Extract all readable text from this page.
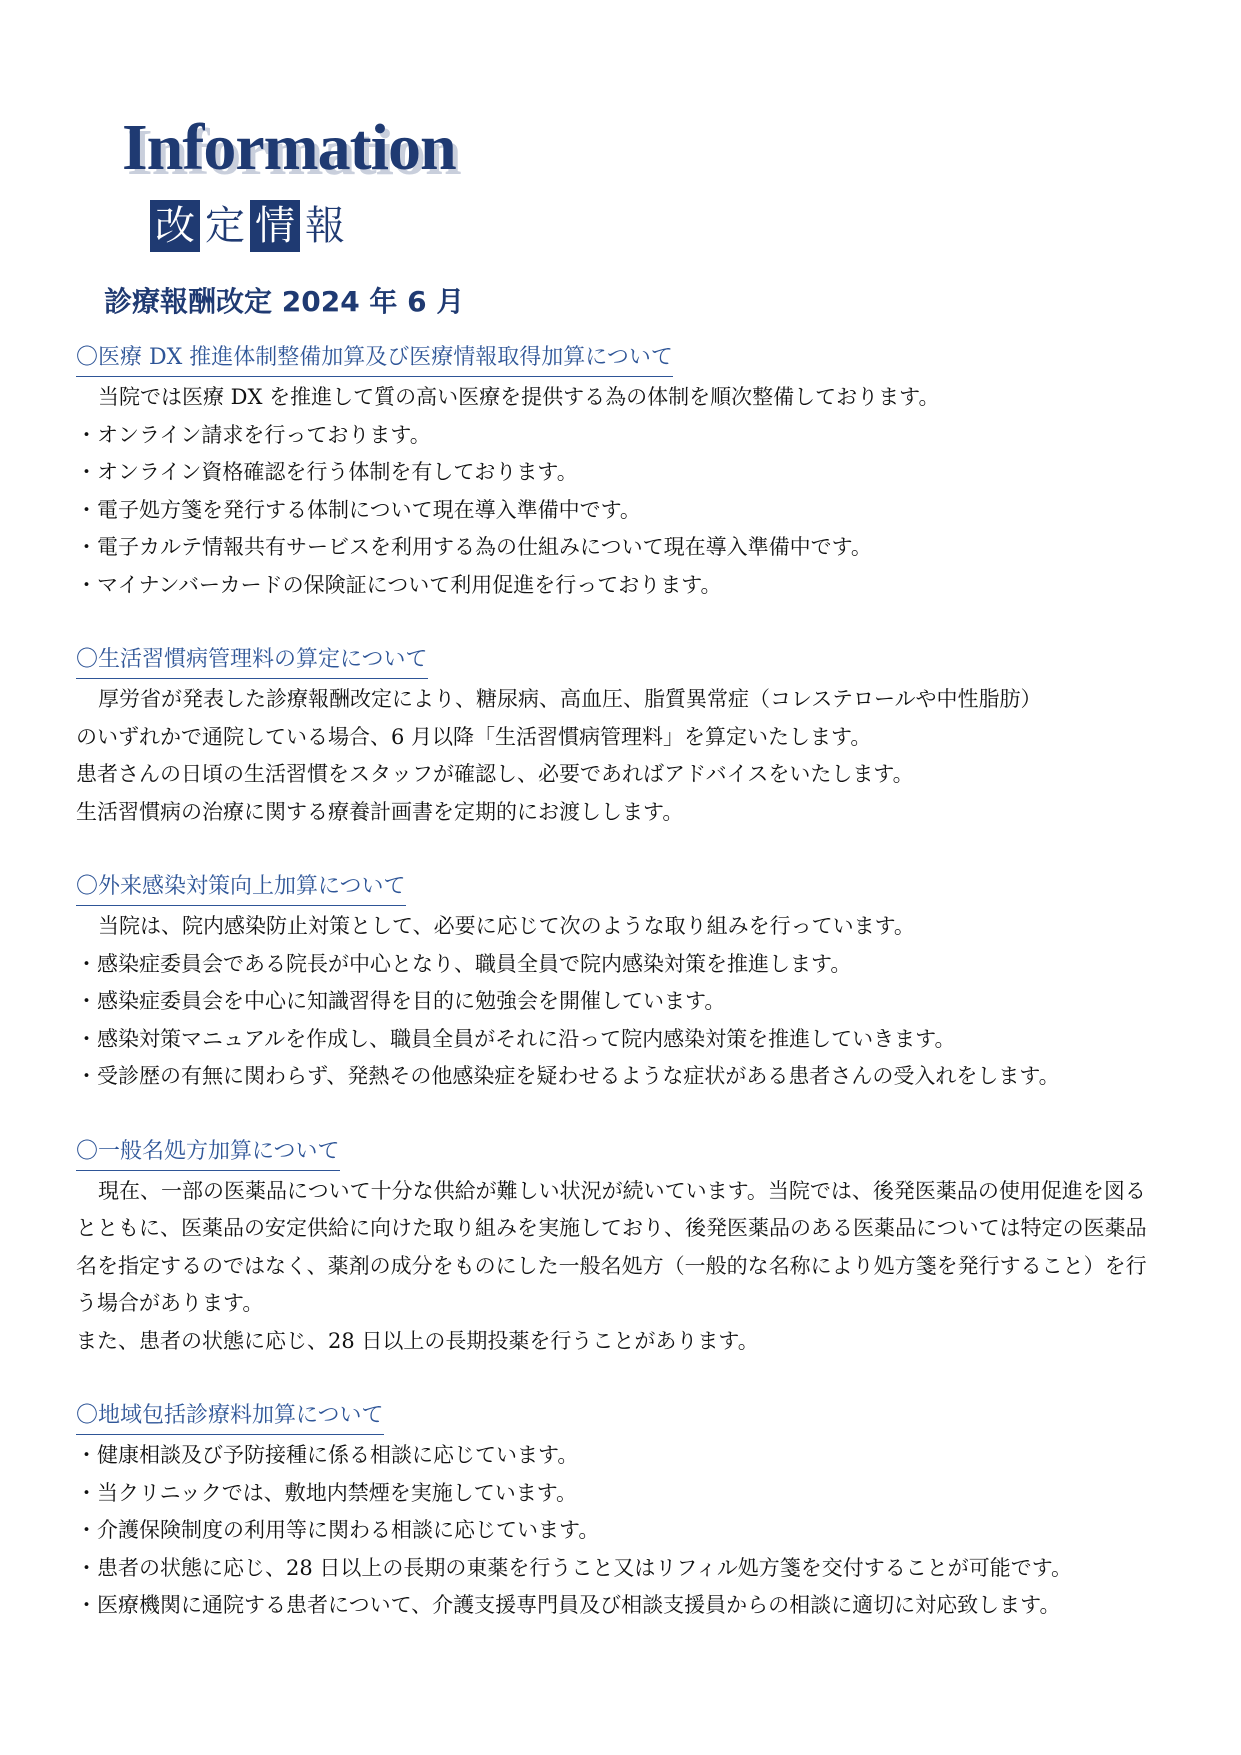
Information
改 定 情 報
診療報酬改定 2024 年 6 月
〇医療 DX 推進体制整備加算及び医療情報取得加算について

当院では医療 DX を推進して質の高い医療を提供する為の体制を順次整備しております。

・オンライン請求を行っております。

・オンライン資格確認を行う体制を有しております。

・電子処方箋を発行する体制について現在導入準備中です。

・電子カルテ情報共有サービスを利用する為の仕組みについて現在導入準備中です。

・マイナンバーカードの保険証について利用促進を行っております。

〇生活習慣病管理料の算定について

厚労省が発表した診療報酬改定により、糖尿病、高血圧、脂質異常症（コレステロールや中性脂肪）

のいずれかで通院している場合、6 月以降「生活習慣病管理料」を算定いたします。

患者さんの日頃の生活習慣をスタッフが確認し、必要であればアドバイスをいたします。

生活習慣病の治療に関する療養計画書を定期的にお渡しします。

〇外来感染対策向上加算について

当院は、院内感染防止対策として、必要に応じて次のような取り組みを行っています。

・感染症委員会である院長が中心となり、職員全員で院内感染対策を推進します。

・感染症委員会を中心に知識習得を目的に勉強会を開催しています。

・感染対策マニュアルを作成し、職員全員がそれに沿って院内感染対策を推進していきます。

・受診歴の有無に関わらず、発熱その他感染症を疑わせるような症状がある患者さんの受入れをします。

〇一般名処方加算について

現在、一部の医薬品について十分な供給が難しい状況が続いています。当院では、後発医薬品の使用促進を図るとともに、医薬品の安定供給に向けた取り組みを実施しており、後発医薬品のある医薬品については特定の医薬品名を指定するのではなく、薬剤の成分をものにした一般名処方（一般的な名称により処方箋を発行すること）を行う場合があります。

また、患者の状態に応じ、28 日以上の長期投薬を行うことがあります。

〇地域包括診療料加算について

・健康相談及び予防接種に係る相談に応じています。

・当クリニックでは、敷地内禁煙を実施しています。

・介護保険制度の利用等に関わる相談に応じています。

・患者の状態に応じ、28 日以上の長期の東薬を行うこと又はリフィル処方箋を交付することが可能です。

・医療機関に通院する患者について、介護支援専門員及び相談支援員からの相談に適切に対応致します。
